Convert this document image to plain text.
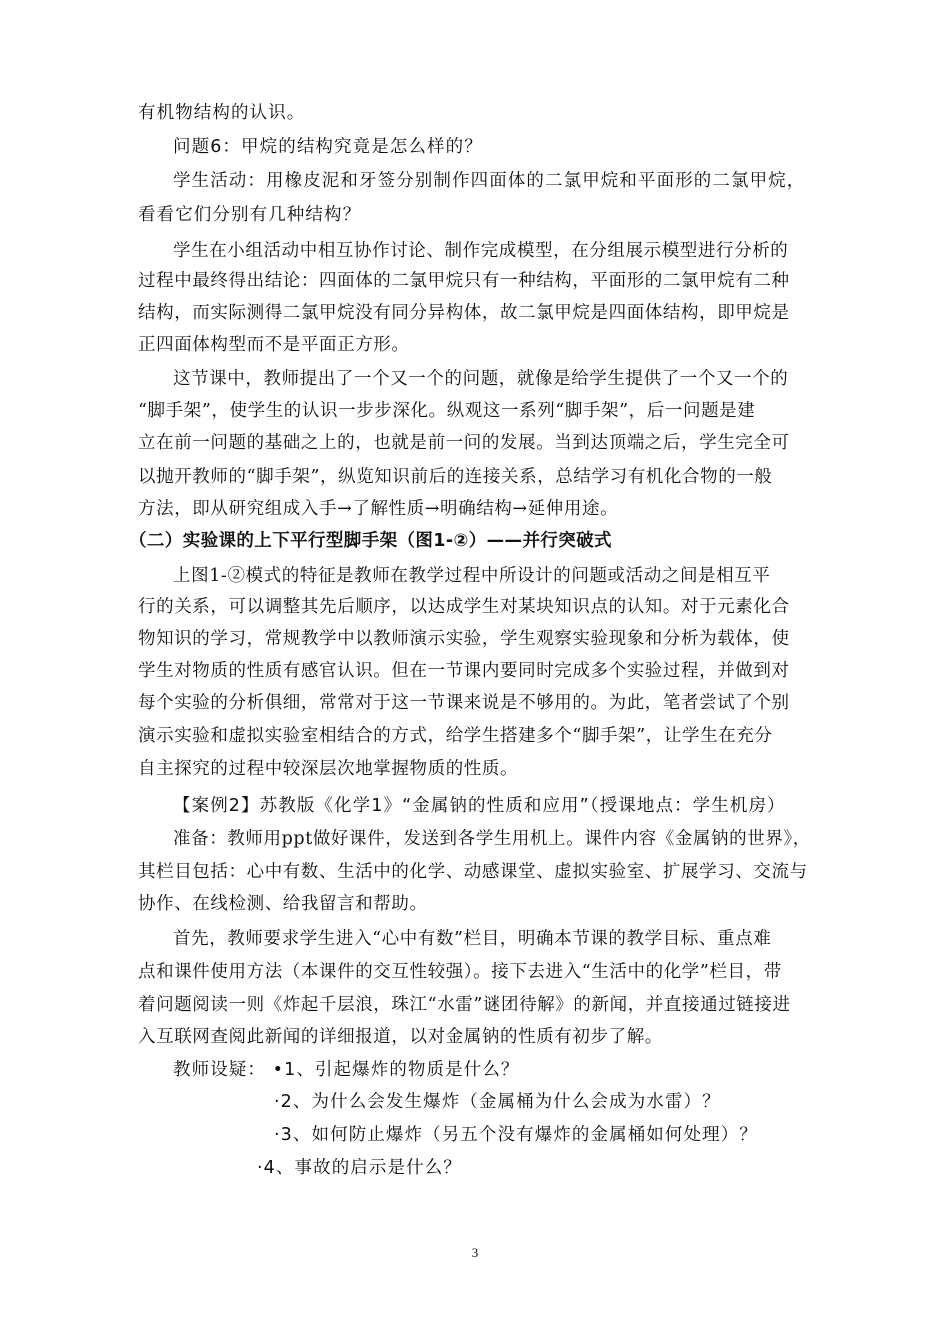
有机物结构的认识。
问题6：甲烷的结构究竟是怎么样的？
学生活动：用橡皮泥和牙签分别制作四面体的二氯甲烷和平面形的二氯甲烷，
看看它们分别有几种结构？
学生在小组活动中相互协作讨论、制作完成模型，在分组展示模型进行分析的
过程中最终得出结论：四面体的二氯甲烷只有一种结构，平面形的二氯甲烷有二种
结构，而实际测得二氯甲烷没有同分异构体，故二氯甲烷是四面体结构，即甲烷是
正四面体构型而不是平面正方形。
这节课中，教师提出了一个又一个的问题，就像是给学生提供了一个又一个的
“脚手架”，使学生的认识一步步深化。纵观这一系列“脚手架”，后一问题是建
立在前一问题的基础之上的，也就是前一问的发展。当到达顶端之后，学生完全可
以抛开教师的“脚手架”，纵览知识前后的连接关系，总结学习有机化合物的一般
方法，即从研究组成入手→了解性质→明确结构→延伸用途。
（二）实验课的上下平行型脚手架（图1-②）——并行突破式
上图1-②模式的特征是教师在教学过程中所设计的问题或活动之间是相互平
行的关系，可以调整其先后顺序，以达成学生对某块知识点的认知。对于元素化合
物知识的学习，常规教学中以教师演示实验，学生观察实验现象和分析为载体，使
学生对物质的性质有感官认识。但在一节课内要同时完成多个实验过程，并做到对
每个实验的分析俱细，常常对于这一节课来说是不够用的。为此，笔者尝试了个别
演示实验和虚拟实验室相结合的方式，给学生搭建多个“脚手架”，让学生在充分
自主探究的过程中较深层次地掌握物质的性质。
【案例2】苏教版《化学1》“金属钠的性质和应用”（授课地点：学生机房）
准备：教师用ppt做好课件，发送到各学生用机上。课件内容《金属钠的世界》，
其栏目包括：心中有数、生活中的化学、动感课堂、虚拟实验室、扩展学习、交流与
协作、在线检测、给我留言和帮助。
首先，教师要求学生进入“心中有数”栏目，明确本节课的教学目标、重点难
点和课件使用方法（本课件的交互性较强）。接下去进入“生活中的化学”栏目，带
着问题阅读一则《炸起千层浪，珠江“水雷”谜团待解》的新闻，并直接通过链接进
入互联网查阅此新闻的详细报道，以对金属钠的性质有初步了解。
教师设疑： •1、引起爆炸的物质是什么？
·2、为什么会发生爆炸（金属桶为什么会成为水雷）？
·3、如何防止爆炸（另五个没有爆炸的金属桶如何处理）？
·4、事故的启示是什么？
3
